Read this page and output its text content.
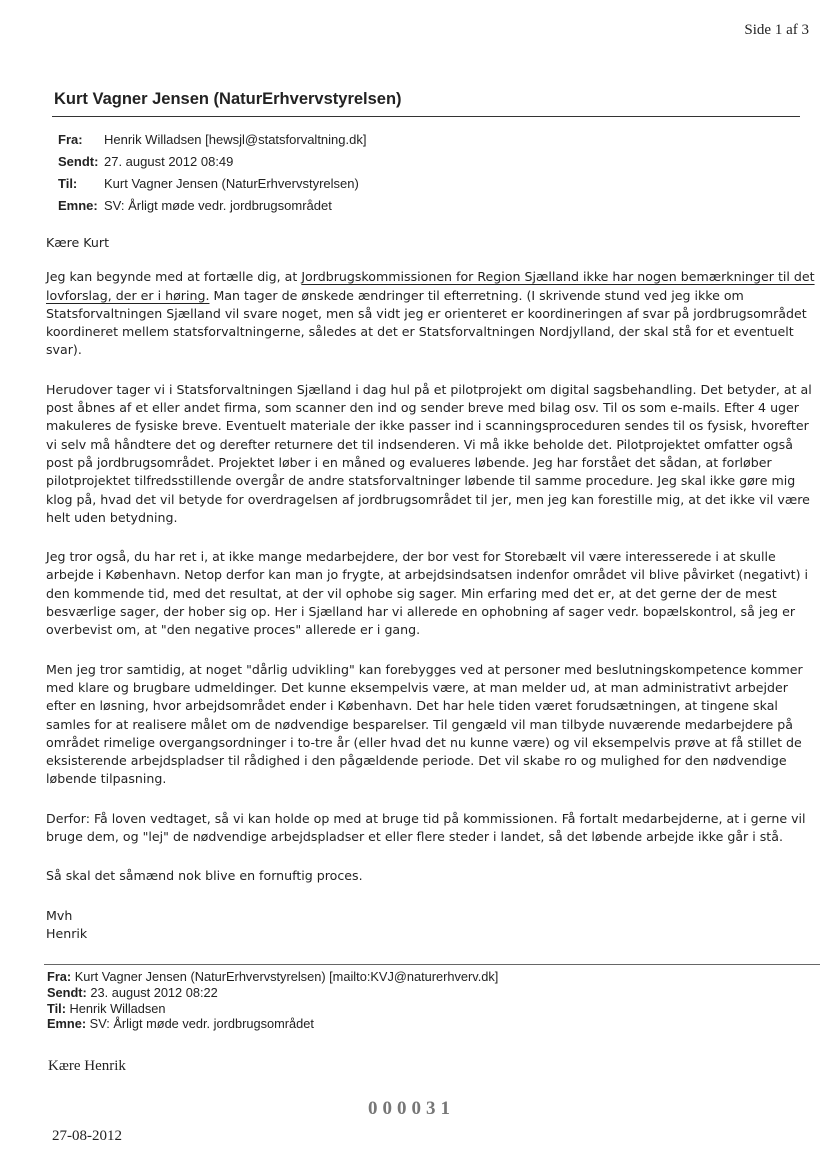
Side 1 af 3
Kurt Vagner Jensen (NaturErhvervstyrelsen)
Fra:	Henrik Willadsen [hewsjl@statsforvaltning.dk]
Sendt: 27. august 2012 08:49
Til:	Kurt Vagner Jensen (NaturErhvervstyrelsen)
Emne: SV: Årligt møde vedr. jordbrugsområdet

Kære Kurt

Jeg kan begynde med at fortælle dig, at Jordbrugskommissionen for Region Sjælland ikke har nogen bemærkninger til det lovforslag, der er i høring. Man tager de ønskede ændringer til efterretning. (I skrivende stund ved jeg ikke om Statsforvaltningen Sjælland vil svare noget, men så vidt jeg er orienteret er koordineringen af svar på jordbrugsområdet koordineret mellem statsforvaltningerne, således at det er Statsforvaltningen Nordjylland, der skal stå for et eventuelt svar).

Herudover tager vi i Statsforvaltningen Sjælland i dag hul på et pilotprojekt om digital sagsbehandling. Det betyder, at al post åbnes af et eller andet firma, som scanner den ind og sender breve med bilag osv. Til os som e-mails. Efter 4 uger makuleres de fysiske breve. Eventuelt materiale der ikke passer ind i scanningsproceduren sendes til os fysisk, hvorefter vi selv må håndtere det og derefter returnere det til indsenderen. Vi må ikke beholde det. Pilotprojektet omfatter også post på jordbrugsområdet. Projektet løber i en måned og evalueres løbende. Jeg har forstået det sådan, at forløber pilotprojektet tilfredsstillende overgår de andre statsforvaltninger løbende til samme procedure. Jeg skal ikke gøre mig klog på, hvad det vil betyde for overdragelsen af jordbrugsområdet til jer, men jeg kan forestille mig, at det ikke vil være helt uden betydning.

Jeg tror også, du har ret i, at ikke mange medarbejdere, der bor vest for Storebælt vil være interesserede i at skulle arbejde i København. Netop derfor kan man jo frygte, at arbejdsindsatsen indenfor området vil blive påvirket (negativt) i den kommende tid, med det resultat, at der vil ophobe sig sager. Min erfaring med det er, at det gerne der de mest besværlige sager, der hober sig op. Her i Sjælland har vi allerede en ophobning af sager vedr. bopælskontrol, så jeg er overbevist om, at "den negative proces" allerede er i gang.

Men jeg tror samtidig, at noget "dårlig udvikling" kan forebygges ved at personer med beslutningskompetence kommer med klare og brugbare udmeldinger. Det kunne eksempelvis være, at man melder ud, at man administrativt arbejder efter en løsning, hvor arbejdsområdet ender i København. Det har hele tiden været forudsætningen, at tingene skal samles for at realisere målet om de nødvendige besparelser. Til gengæld vil man tilbyde nuværende medarbejdere på området rimelige overgangsordninger i to-tre år (eller hvad det nu kunne være) og vil eksempelvis prøve at få stillet de eksisterende arbejdspladser til rådighed i den pågældende periode. Det vil skabe ro og mulighed for den nødvendige løbende tilpasning.

Derfor: Få loven vedtaget, så vi kan holde op med at bruge tid på kommissionen. Få fortalt medarbejderne, at i gerne vil bruge dem, og "lej" de nødvendige arbejdspladser et eller flere steder i landet, så det løbende arbejde ikke går i stå.

Så skal det såmænd nok blive en fornuftig proces.

Mvh

Henrik

Fra: Kurt Vagner Jensen (NaturErhvervstyrelsen) [mailto:KVJ@naturerhverv.dk]
Sendt: 23. august 2012 08:22
Til: Henrik Willadsen
Emne: SV: Årligt møde vedr. jordbrugsområdet
Kære Henrik
000031
27-08-2012
